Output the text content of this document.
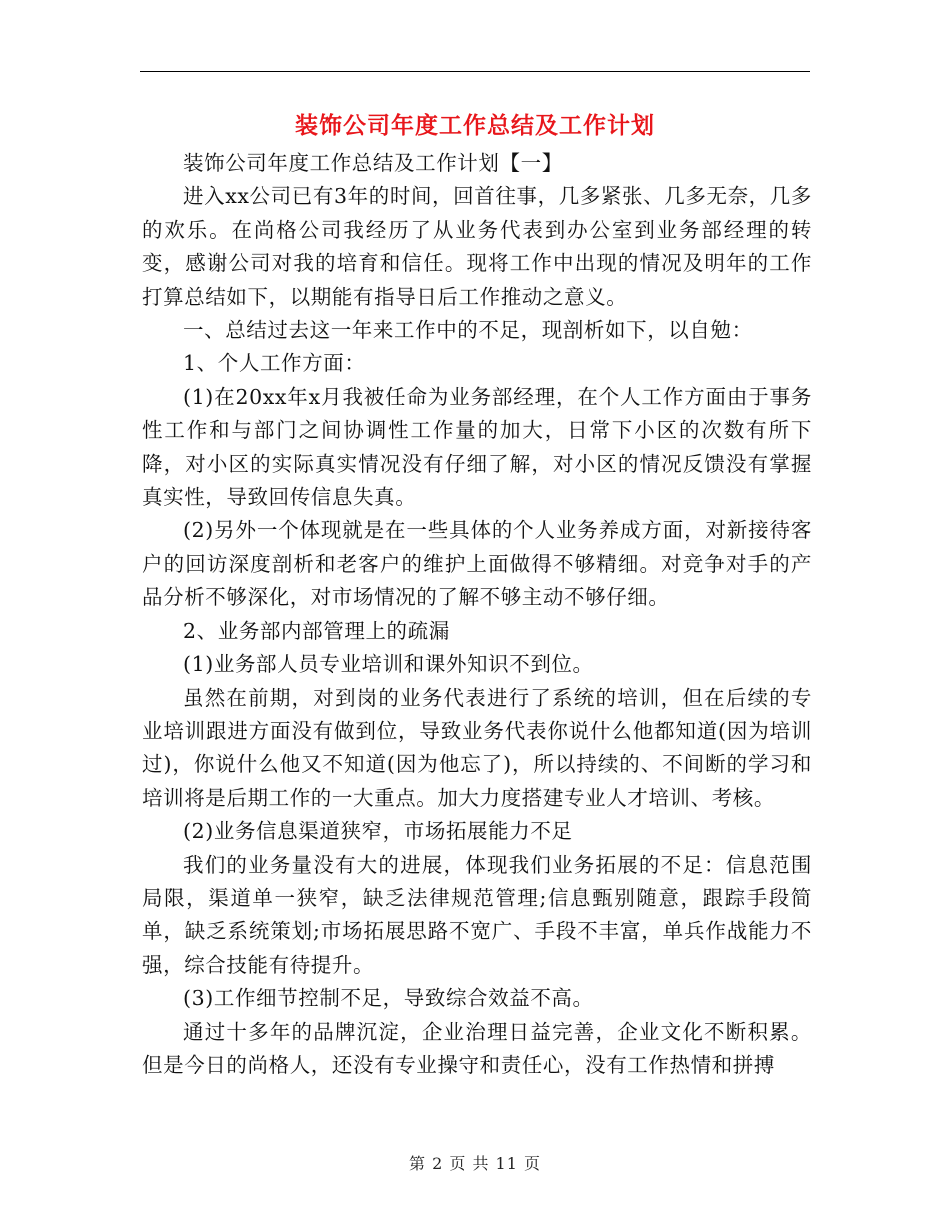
装饰公司年度工作总结及工作计划

装饰公司年度工作总结及工作计划【一】

进入xx公司已有3年的时间，回首往事，几多紧张、几多无奈，几多的欢乐。在尚格公司我经历了从业务代表到办公室到业务部经理的转变，感谢公司对我的培育和信任。现将工作中出现的情况及明年的工作打算总结如下，以期能有指导日后工作推动之意义。

一、总结过去这一年来工作中的不足，现剖析如下，以自勉：

1、个人工作方面：

(1)在20xx年x月我被任命为业务部经理，在个人工作方面由于事务性工作和与部门之间协调性工作量的加大，日常下小区的次数有所下降，对小区的实际真实情况没有仔细了解，对小区的情况反馈没有掌握真实性，导致回传信息失真。

(2)另外一个体现就是在一些具体的个人业务养成方面，对新接待客户的回访深度剖析和老客户的维护上面做得不够精细。对竞争对手的产品分析不够深化，对市场情况的了解不够主动不够仔细。

2、业务部内部管理上的疏漏

(1)业务部人员专业培训和课外知识不到位。

虽然在前期，对到岗的业务代表进行了系统的培训，但在后续的专业培训跟进方面没有做到位，导致业务代表你说什么他都知道(因为培训过)，你说什么他又不知道(因为他忘了)，所以持续的、不间断的学习和培训将是后期工作的一大重点。加大力度搭建专业人才培训、考核。

(2)业务信息渠道狭窄，市场拓展能力不足

我们的业务量没有大的进展，体现我们业务拓展的不足：信息范围局限，渠道单一狭窄，缺乏法律规范管理;信息甄别随意，跟踪手段简单，缺乏系统策划;市场拓展思路不宽广、手段不丰富，单兵作战能力不强，综合技能有待提升。

(3)工作细节控制不足，导致综合效益不高。

通过十多年的品牌沉淀，企业治理日益完善，企业文化不断积累。但是今日的尚格人，还没有专业操守和责任心，没有工作热情和拼搏

第 2 页 共 11 页
